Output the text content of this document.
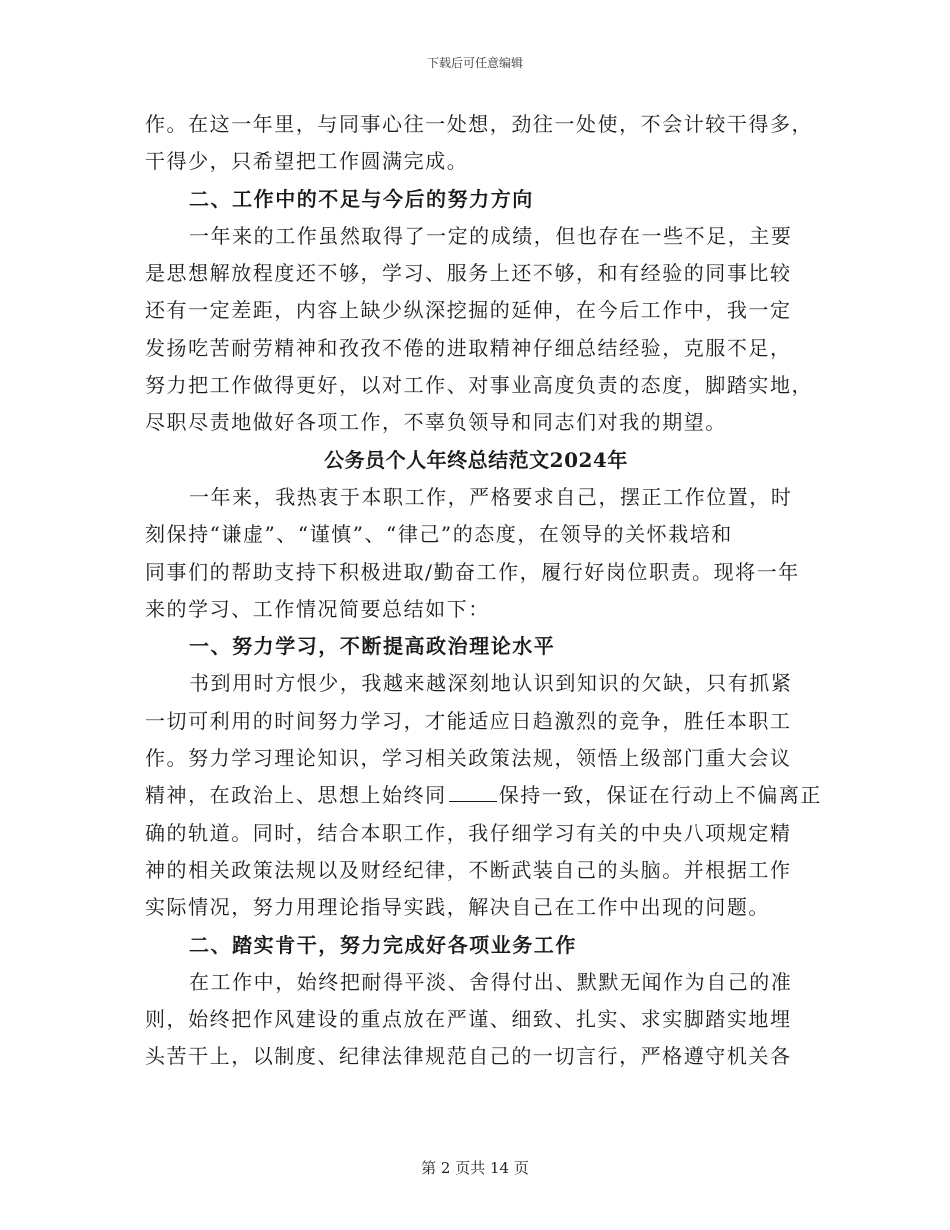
下载后可任意编辑
作。在这一年里，与同事心往一处想，劲往一处使，不会计较干得多，
干得少，只希望把工作圆满完成。
二、工作中的不足与今后的努力方向
一年来的工作虽然取得了一定的成绩，但也存在一些不足，主要
是思想解放程度还不够，学习、服务上还不够，和有经验的同事比较
还有一定差距，内容上缺少纵深挖掘的延伸，在今后工作中，我一定
发扬吃苦耐劳精神和孜孜不倦的进取精神仔细总结经验，克服不足，
努力把工作做得更好，以对工作、对事业高度负责的态度，脚踏实地，
尽职尽责地做好各项工作，不辜负领导和同志们对我的期望。
公务员个人年终总结范文2024年
一年来，我热衷于本职工作，严格要求自己，摆正工作位置，时
刻保持“谦虚”、“谨慎”、“律己”的态度，在领导的关怀栽培和
同事们的帮助支持下积极进取/勤奋工作，履行好岗位职责。现将一年
来的学习、工作情况简要总结如下：
一、努力学习，不断提高政治理论水平
书到用时方恨少，我越来越深刻地认识到知识的欠缺，只有抓紧
一切可利用的时间努力学习，才能适应日趋激烈的竞争，胜任本职工
作。努力学习理论知识，学习相关政策法规，领悟上级部门重大会议
精神，在政治上、思想上始终同	保持一致，保证在行动上不偏离正
确的轨道。同时，结合本职工作，我仔细学习有关的中央八项规定精
神的相关政策法规以及财经纪律，不断武装自己的头脑。并根据工作
实际情况，努力用理论指导实践，解决自己在工作中出现的问题。
二、踏实肯干，努力完成好各项业务工作
在工作中，始终把耐得平淡、舍得付出、默默无闻作为自己的准
则，始终把作风建设的重点放在严谨、细致、扎实、求实脚踏实地埋
头苦干上，以制度、纪律法律规范自己的一切言行，严格遵守机关各
第 2 页共 14 页
